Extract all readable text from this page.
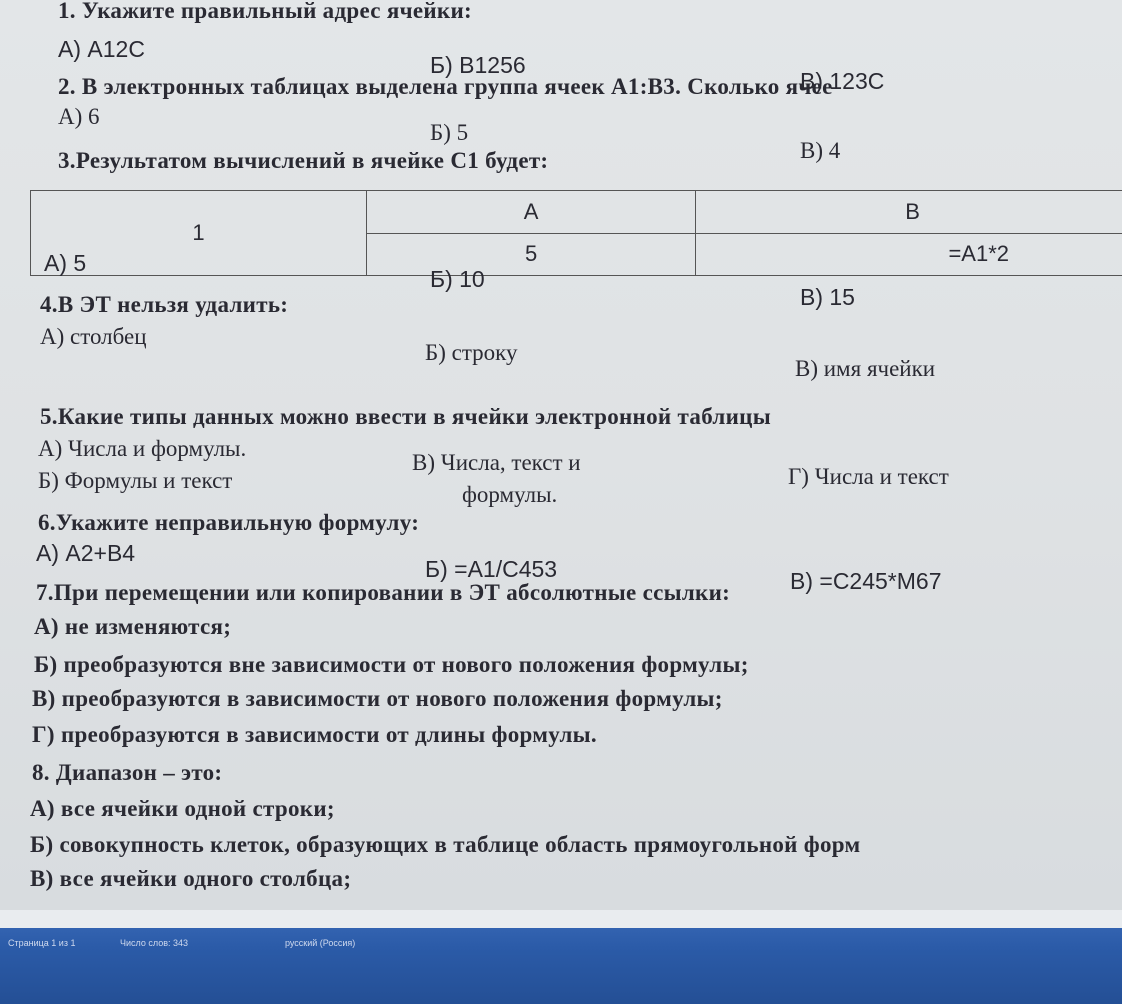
1. Укажите правильный адрес ячейки:
А) A12C
Б) B1256
В) 123C
2. В электронных таблицах выделена группа ячеек A1:B3. Сколько ячее
А) 6
Б) 5
В) 4
3.Результатом вычислений в ячейке С1 будет:
1	A	B
	5	=A1*2
А) 5
Б) 10
В) 15
4.В ЭТ нельзя удалить:
А) столбец
Б) строку
В) имя ячейки
5.Какие типы данных можно ввести в ячейки электронной таблицы
А) Числа и формулы.
В) Числа, текст и
формулы.
Г) Числа и текст
Б) Формулы и текст
6.Укажите неправильную формулу:
А) A2+B4
Б) =A1/C453	В) =C245*M67
7.При перемещении или копировании в ЭТ абсолютные ссылки:
А) не изменяются;
Б) преобразуются вне зависимости от нового положения формулы;
В) преобразуются в зависимости от нового положения формулы;
Г) преобразуются в зависимости от длины формулы.
8. Диапазон – это:
А) все ячейки одной строки;
Б) совокупность клеток, образующих в таблице область прямоугольной форм
В) все ячейки одного столбца;
Страница 1 из 1	Число слов: 343	русский (Россия)
